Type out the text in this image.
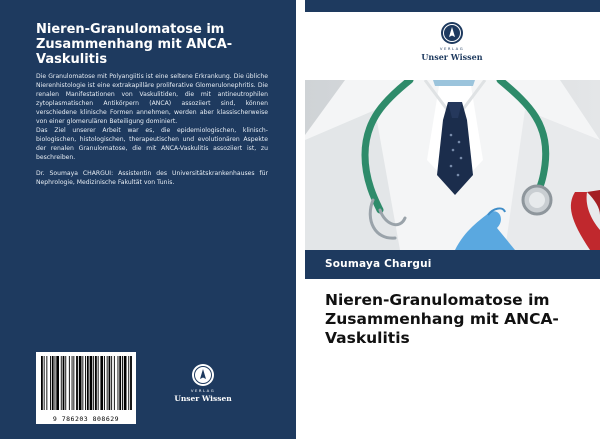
Nieren-Granulomatose im Zusammenhang mit ANCA-Vaskulitis

Die Granulomatose mit Polyangiitis ist eine seltene Erkrankung. Die übliche Nierenhistologie ist eine extrakapilläre proliferative Glomerulonephritis. Die renalen Manifestationen von Vaskulitiden, die mit antineutrophilen zytoplasmatischen Antikörpern (ANCA) assoziiert sind, können verschiedene klinische Formen annehmen, werden aber klassischerweise von einer glomerulären Beteiligung dominiert.

Das Ziel unserer Arbeit war es, die epidemiologischen, klinisch-biologischen, histologischen, therapeutischen und evolutionären Aspekte der renalen Granulomatose, die mit ANCA-Vaskulitis assoziiert ist, zu beschreiben.

Dr. Soumaya CHARGUI: Assistentin des Universitätskrankenhauses für Nephrologie, Medizinische Fakultät von Tunis.

9 786203 808629
VERLAG
Unser Wissen
VERLAG
Unser Wissen
Soumaya Chargui
Nieren-Granulomatose im Zusammenhang mit ANCA-Vaskulitis
